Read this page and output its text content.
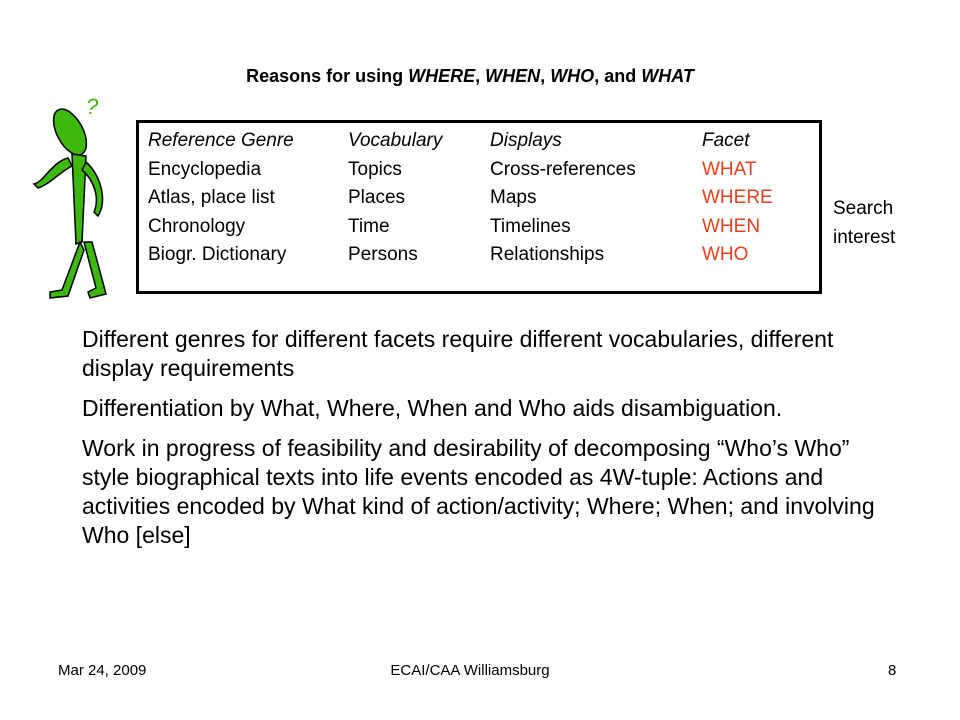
Reasons for using WHERE, WHEN, WHO, and WHAT
?
Reference Genre	Vocabulary	Displays	Facet
Encyclopedia	Topics	Cross-references	WHAT
Atlas, place list	Places	Maps	WHERE
Chronology	Time	Timelines	WHEN
Biogr. Dictionary	Persons	Relationships	WHO
Search
interest

Different genres for different facets require different vocabularies, different display requirements

Differentiation by What, Where, When and Who aids disambiguation.

Work in progress of feasibility and desirability of decomposing “Who’s Who” style biographical texts into life events encoded as 4W-tuple: Actions and activities encoded by What kind of action/activity; Where; When; and involving Who [else]

Mar 24, 2009	ECAI/CAA Williamsburg	8
